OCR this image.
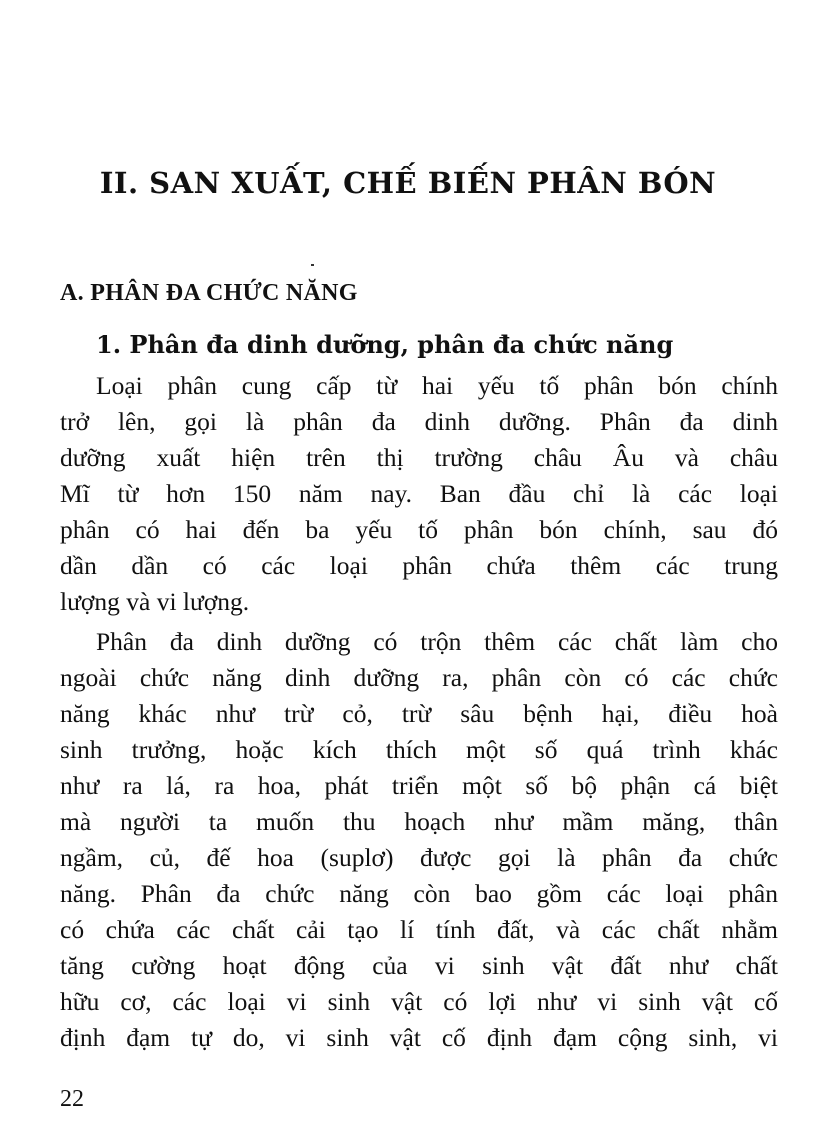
II. SAN XUẤT, CHẾ BIẾN PHÂN BÓN
A. PHÂN ĐA CHỨC NĂNG
1. Phân đa dinh dưỡng, phân đa chức năng

Loại phân cung cấp từ hai yếu tố phân bón chính
trở lên, gọi là phân đa dinh dưỡng. Phân đa dinh
dưỡng xuất hiện trên thị trường châu Âu và châu
Mĩ từ hơn 150 năm nay. Ban đầu chỉ là các loại
phân có hai đến ba yếu tố phân bón chính, sau đó
dần dần có các loại phân chứa thêm các trung
lượng và vi lượng.

Phân đa dinh dưỡng có trộn thêm các chất làm cho
ngoài chức năng dinh dưỡng ra, phân còn có các chức
năng khác như trừ cỏ, trừ sâu bệnh hại, điều hoà
sinh trưởng, hoặc kích thích một số quá trình khác
như ra lá, ra hoa, phát triển một số bộ phận cá biệt
mà người ta muốn thu hoạch như mầm măng, thân
ngầm, củ, đế hoa (suplơ) được gọi là phân đa chức
năng. Phân đa chức năng còn bao gồm các loại phân
có chứa các chất cải tạo lí tính đất, và các chất nhằm
tăng cường hoạt động của vi sinh vật đất như chất
hữu cơ, các loại vi sinh vật có lợi như vi sinh vật cố
định đạm tự do, vi sinh vật cố định đạm cộng sinh, vi

22
